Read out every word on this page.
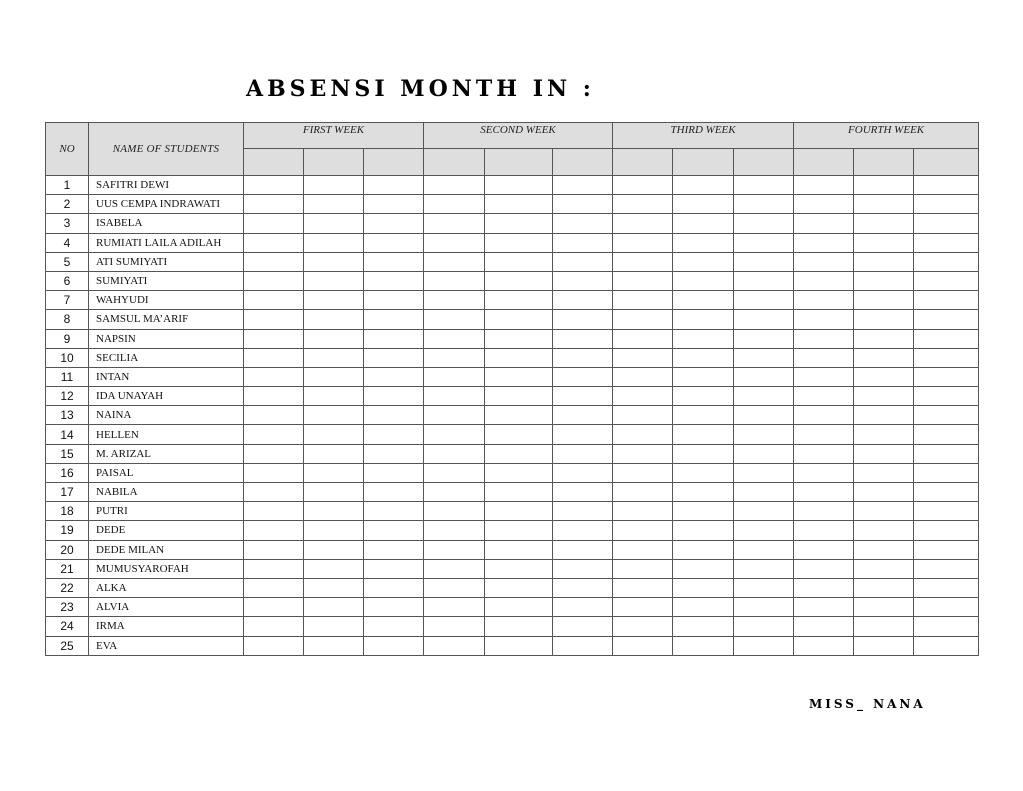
ABSENSI MONTH IN :
NO	NAME OF STUDENTS	FIRST WEEK			SECOND WEEK			THIRD WEEK			FOURTH WEEK		

1	SAFITRI DEWI												
2	UUS CEMPA INDRAWATI												
3	ISABELA												
4	RUMIATI LAILA ADILAH												
5	ATI SUMIYATI												
6	SUMIYATI												
7	WAHYUDI												
8	SAMSUL MA’ARIF												
9	NAPSIN												
10	SECILIA												
11	INTAN												
12	IDA UNAYAH												
13	NAINA												
14	HELLEN												
15	M. ARIZAL												
16	PAISAL												
17	NABILA												
18	PUTRI												
19	DEDE												
20	DEDE MILAN												
21	MUMUSYAROFAH												
22	ALKA												
23	ALVIA												
24	IRMA												
25	EVA												
MISS_ NANA
